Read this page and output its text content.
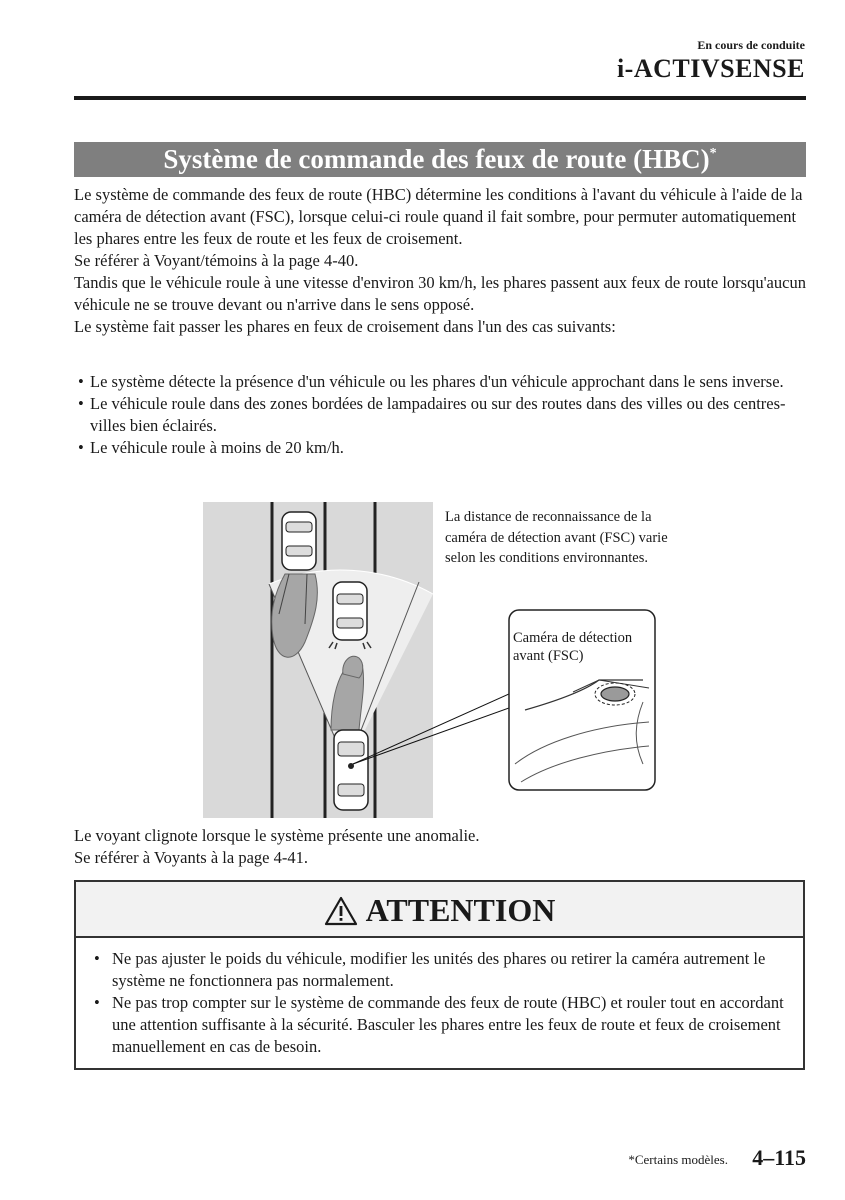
En cours de conduite
i-ACTIVSENSE
Système de commande des feux de route (HBC)*
Le système de commande des feux de route (HBC) détermine les conditions à l'avant du véhicule à l'aide de la caméra de détection avant (FSC), lorsque celui-ci roule quand il fait sombre, pour permuter automatiquement les phares entre les feux de route et les feux de croisement.
Se référer à Voyant/témoins à la page 4-40.
Tandis que le véhicule roule à une vitesse d'environ 30 km/h, les phares passent aux feux de route lorsqu'aucun véhicule ne se trouve devant ou n'arrive dans le sens opposé.
Le système fait passer les phares en feux de croisement dans l'un des cas suivants:
• Le système détecte la présence d'un véhicule ou les phares d'un véhicule approchant dans le sens inverse.
• Le véhicule roule dans des zones bordées de lampadaires ou sur des routes dans des villes ou des centres-villes bien éclairés.
• Le véhicule roule à moins de 20 km/h.
La distance de reconnaissance de la caméra de détection avant (FSC) varie selon les conditions environnantes.
Caméra de détection avant (FSC)
Le voyant clignote lorsque le système présente une anomalie.
Se référer à Voyants à la page 4-41.
ATTENTION
• Ne pas ajuster le poids du véhicule, modifier les unités des phares ou retirer la caméra autrement le système ne fonctionnera pas normalement.
• Ne pas trop compter sur le système de commande des feux de route (HBC) et rouler tout en accordant une attention suffisante à la sécurité. Basculer les phares entre les feux de route et feux de croisement manuellement en cas de besoin.
*Certains modèles.	4–115
